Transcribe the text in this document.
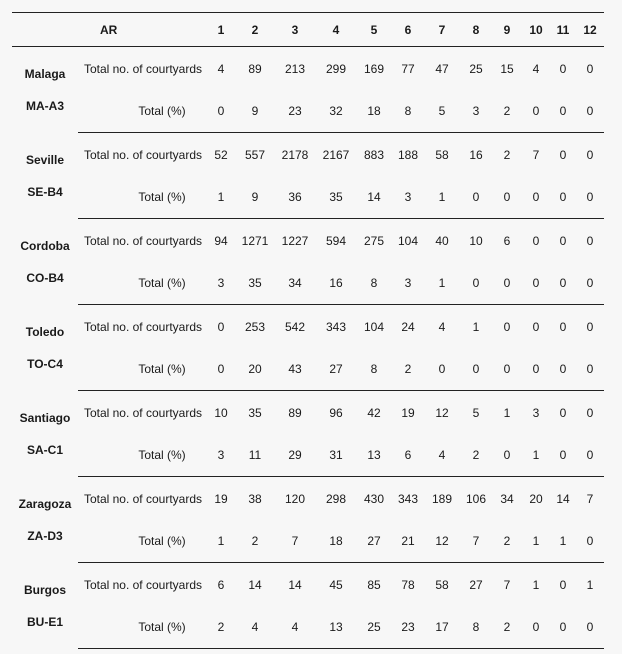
	AR	1	2	3	4	5	6	7	8	9	10	11	12

Malaga
MA-A3	Total no. of courtyards	4	89	213	299	169	77	47	25	15	4	0	0
	Total (%)	0	9	23	32	18	8	5	3	2	0	0	0

Seville
SE-B4	Total no. of courtyards	52	557	2178	2167	883	188	58	16	2	7	0	0
	Total (%)	1	9	36	35	14	3	1	0	0	0	0	0

Cordoba
CO-B4	Total no. of courtyards	94	1271	1227	594	275	104	40	10	6	0	0	0
	Total (%)	3	35	34	16	8	3	1	0	0	0	0	0

Toledo
TO-C4	Total no. of courtyards	0	253	542	343	104	24	4	1	0	0	0	0
	Total (%)	0	20	43	27	8	2	0	0	0	0	0	0

Santiago
SA-C1	Total no. of courtyards	10	35	89	96	42	19	12	5	1	3	0	0
	Total (%)	3	11	29	31	13	6	4	2	0	1	0	0

Zaragoza
ZA-D3	Total no. of courtyards	19	38	120	298	430	343	189	106	34	20	14	7
	Total (%)	1	2	7	18	27	21	12	7	2	1	1	0

Burgos
BU-E1	Total no. of courtyards	6	14	14	45	85	78	58	27	7	1	0	1
	Total (%)	2	4	4	13	25	23	17	8	2	0	0	0
